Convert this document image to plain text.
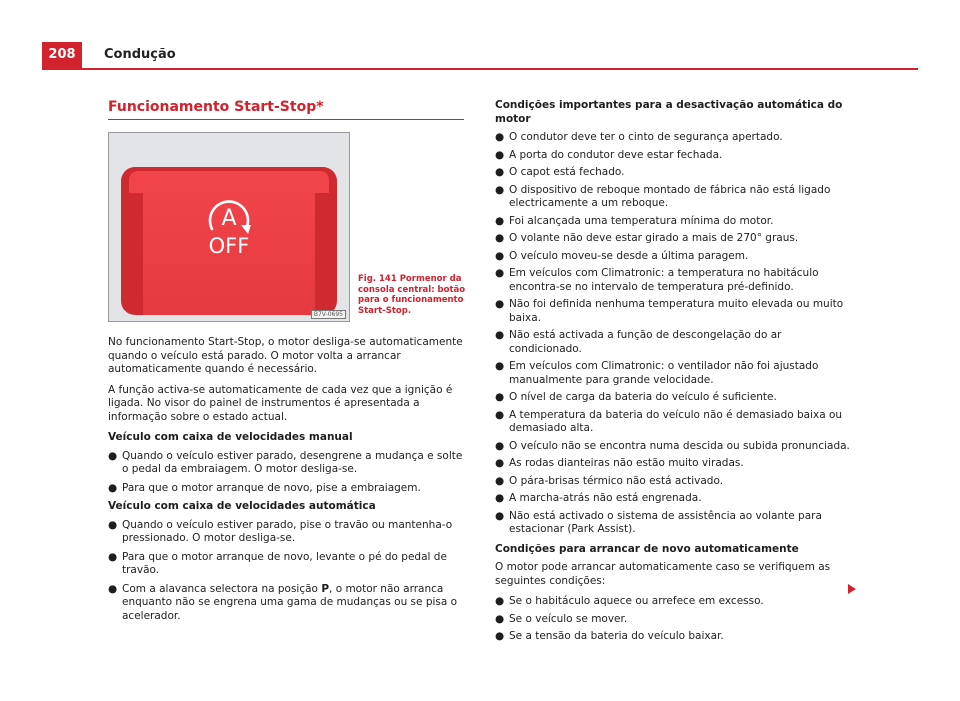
208	Condução
Funcionamento Start-Stop*
A
OFF
B7V-0695
Fig. 141 Pormenor da consola central: botão para o funcionamento Start-Stop.

No funcionamento Start-Stop, o motor desliga-se automaticamente quando o veículo está parado. O motor volta a arrancar automaticamente quando é necessário.

A função activa-se automaticamente de cada vez que a ignição é ligada. No visor do painel de instrumentos é apresentada a informação sobre o estado actual.

Veículo com caixa de velocidades manual

● Quando o veículo estiver parado, desengrene a mudança e solte o pedal da embraiagem. O motor desliga-se.

● Para que o motor arranque de novo, pise a embraiagem.

Veículo com caixa de velocidades automática

● Quando o veículo estiver parado, pise o travão ou mantenha-o pressionado. O motor desliga-se.

● Para que o motor arranque de novo, levante o pé do pedal de travão.

● Com a alavanca selectora na posição P, o motor não arranca enquanto não se engrena uma gama de mudanças ou se pisa o acelerador.

Condições importantes para a desactivação automática do motor

● O condutor deve ter o cinto de segurança apertado.

● A porta do condutor deve estar fechada.

● O capot está fechado.

● O dispositivo de reboque montado de fábrica não está ligado electricamente a um reboque.

● Foi alcançada uma temperatura mínima do motor.

● O volante não deve estar girado a mais de 270° graus.

● O veículo moveu-se desde a última paragem.

● Em veículos com Climatronic: a temperatura no habitáculo encontra-se no intervalo de temperatura pré-definido.

● Não foi definida nenhuma temperatura muito elevada ou muito baixa.

● Não está activada a função de descongelação do ar condicionado.

● Em veículos com Climatronic: o ventilador não foi ajustado manualmente para grande velocidade.

● O nível de carga da bateria do veículo é suficiente.

● A temperatura da bateria do veículo não é demasiado baixa ou demasiado alta.

● O veículo não se encontra numa descida ou subida pronunciada.

● As rodas dianteiras não estão muito viradas.

● O pára-brisas térmico não está activado.

● A marcha-atrás não está engrenada.

● Não está activado o sistema de assistência ao volante para estacionar (Park Assist).

Condições para arrancar de novo automaticamente

O motor pode arrancar automaticamente caso se verifiquem as seguintes condições:

● Se o habitáculo aquece ou arrefece em excesso.

● Se o veículo se mover.

● Se a tensão da bateria do veículo baixar.
